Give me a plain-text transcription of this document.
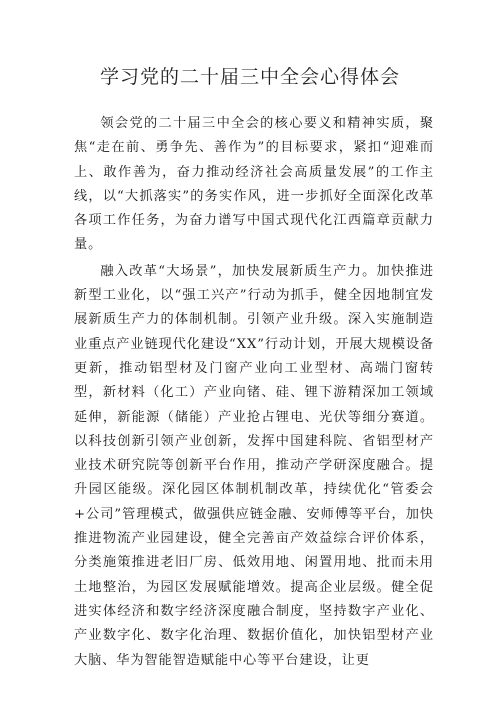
学习党的二十届三中全会心得体会

领会党的二十届三中全会的核心要义和精神实质，聚焦“走在前、勇争先、善作为”的目标要求，紧扣“迎难而上、敢作善为，奋力推动经济社会高质量发展”的工作主线，以“大抓落实”的务实作风，进一步抓好全面深化改革各项工作任务，为奋力谱写中国式现代化江西篇章贡献力量。

融入改革“大场景”，加快发展新质生产力。加快推进新型工业化，以“强工兴产”行动为抓手，健全因地制宜发展新质生产力的体制机制。引领产业升级。深入实施制造业重点产业链现代化建设“XX”行动计划，开展大规模设备更新，推动铝型材及门窗产业向工业型材、高端门窗转型，新材料（化工）产业向锗、硅、锂下游精深加工领域延伸，新能源（储能）产业抢占锂电、光伏等细分赛道。以科技创新引领产业创新，发挥中国建科院、省铝型材产业技术研究院等创新平台作用，推动产学研深度融合。提升园区能级。深化园区体制机制改革，持续优化“管委会+公司”管理模式，做强供应链金融、安师傅等平台，加快推进物流产业园建设，健全完善亩产效益综合评价体系，分类施策推进老旧厂房、低效用地、闲置用地、批而未用土地整治，为园区发展赋能增效。提高企业层级。健全促进实体经济和数字经济深度融合制度，坚持数字产业化、产业数字化、数字化治理、数据价值化，加快铝型材产业大脑、华为智能智造赋能中心等平台建设，让更
